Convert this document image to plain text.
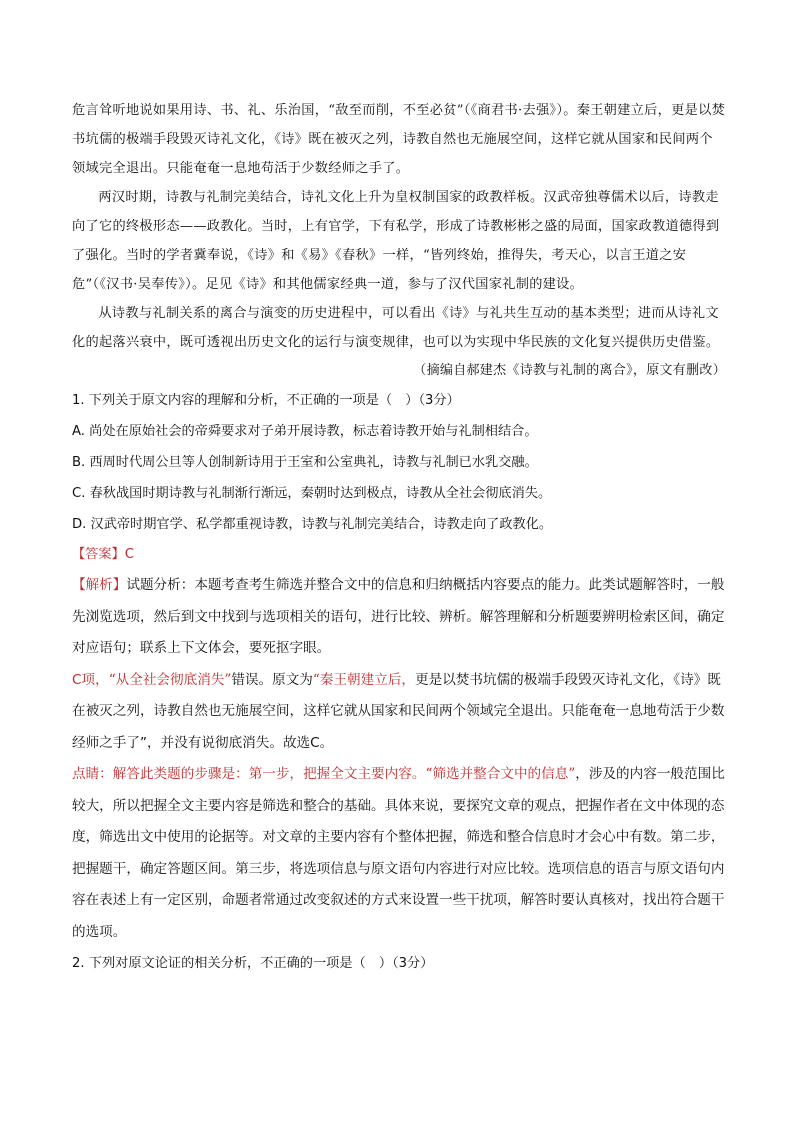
危言耸听地说如果用诗、书、礼、乐治国，“敌至而削，不至必贫”（《商君书·去强》）。秦王朝建立后，更是以焚书坑儒的极端手段毁灭诗礼文化，《诗》既在被灭之列，诗教自然也无施展空间，这样它就从国家和民间两个领域完全退出。只能奄奄一息地苟活于少数经师之手了。

两汉时期，诗教与礼制完美结合，诗礼文化上升为皇权制国家的政教样板。汉武帝独尊儒术以后，诗教走向了它的终极形态——政教化。当时，上有官学，下有私学，形成了诗教彬彬之盛的局面，国家政教道德得到了强化。当时的学者冀奉说，《诗》和《易》《春秋》一样，“皆列终始，推得失，考天心，以言王道之安危”（《汉书·吴奉传》）。足见《诗》和其他儒家经典一道，参与了汉代国家礼制的建设。

从诗教与礼制关系的离合与演变的历史进程中，可以看出《诗》与礼共生互动的基本类型；进而从诗礼文化的起落兴衰中，既可透视出历史文化的运行与演变规律，也可以为实现中华民族的文化复兴提供历史借鉴。

（摘编自郝建杰《诗教与礼制的离合》，原文有删改）

1. 下列关于原文内容的理解和分析，不正确的一项是（　）（3分）

A. 尚处在原始社会的帝舜要求对子弟开展诗教，标志着诗教开始与礼制相结合。

B. 西周时代周公旦等人创制新诗用于王室和公室典礼，诗教与礼制已水乳交融。

C. 春秋战国时期诗教与礼制渐行渐远，秦朝时达到极点，诗教从全社会彻底消失。

D. 汉武帝时期官学、私学都重视诗教，诗教与礼制完美结合，诗教走向了政教化。

【答案】C

【解析】试题分析：本题考查考生筛选并整合文中的信息和归纳概括内容要点的能力。此类试题解答时，一般先浏览选项，然后到文中找到与选项相关的语句，进行比较、辨析。解答理解和分析题要辨明检索区间，确定对应语句；联系上下文体会，要死抠字眼。

C项，“从全社会彻底消失”错误。原文为“秦王朝建立后，更是以焚书坑儒的极端手段毁灭诗礼文化，《诗》既在被灭之列，诗教自然也无施展空间，这样它就从国家和民间两个领域完全退出。只能奄奄一息地苟活于少数经师之手了”，并没有说彻底消失。故选C。

点睛：解答此类题的步骤是：第一步，把握全文主要内容。“筛选并整合文中的信息”，涉及的内容一般范围比较大，所以把握全文主要内容是筛选和整合的基础。具体来说，要探究文章的观点，把握作者在文中体现的态度，筛选出文中使用的论据等。对文章的主要内容有个整体把握，筛选和整合信息时才会心中有数。第二步，把握题干，确定答题区间。第三步，将选项信息与原文语句内容进行对应比较。选项信息的语言与原文语句内容在表述上有一定区别，命题者常通过改变叙述的方式来设置一些干扰项，解答时要认真核对，找出符合题干的选项。

2. 下列对原文论证的相关分析，不正确的一项是（　）（3分）
